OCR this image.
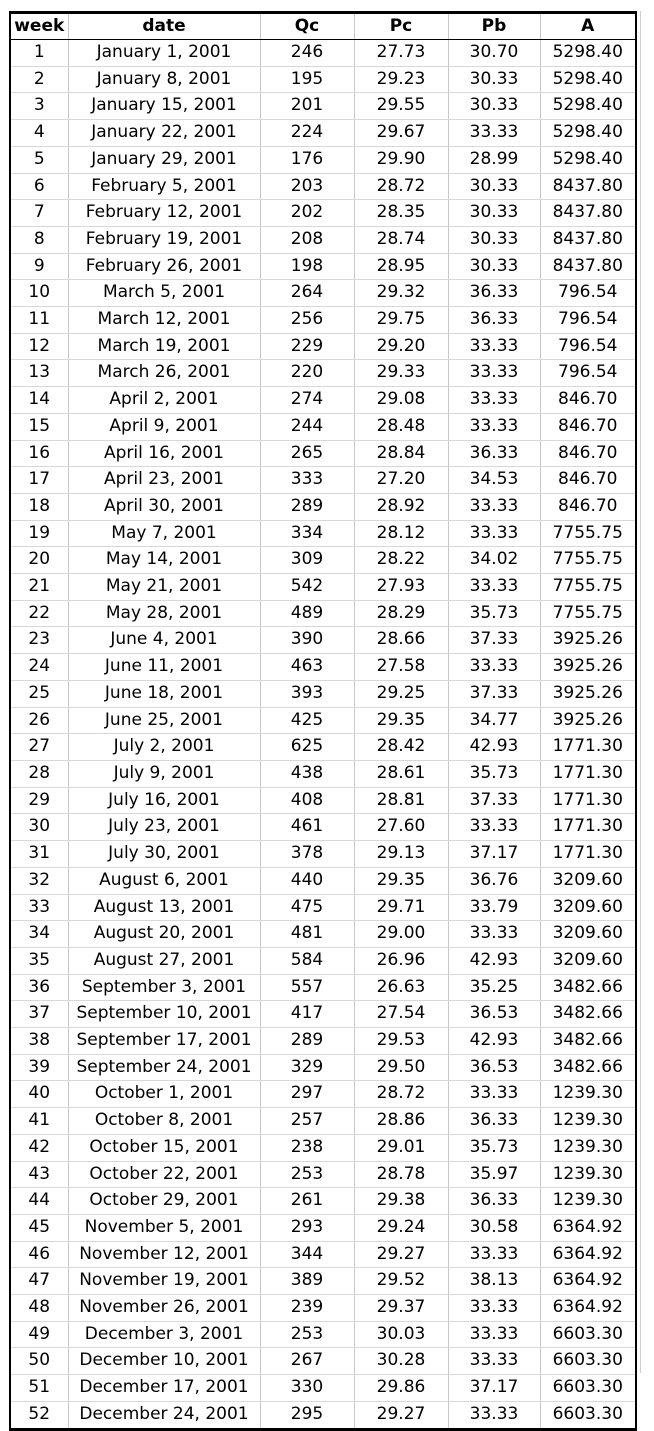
week	date	Qc	Pc	Pb	A
1	January 1, 2001	246	27.73	30.70	5298.40
2	January 8, 2001	195	29.23	30.33	5298.40
3	January 15, 2001	201	29.55	30.33	5298.40
4	January 22, 2001	224	29.67	33.33	5298.40
5	January 29, 2001	176	29.90	28.99	5298.40
6	February 5, 2001	203	28.72	30.33	8437.80
7	February 12, 2001	202	28.35	30.33	8437.80
8	February 19, 2001	208	28.74	30.33	8437.80
9	February 26, 2001	198	28.95	30.33	8437.80
10	March 5, 2001	264	29.32	36.33	796.54
11	March 12, 2001	256	29.75	36.33	796.54
12	March 19, 2001	229	29.20	33.33	796.54
13	March 26, 2001	220	29.33	33.33	796.54
14	April 2, 2001	274	29.08	33.33	846.70
15	April 9, 2001	244	28.48	33.33	846.70
16	April 16, 2001	265	28.84	36.33	846.70
17	April 23, 2001	333	27.20	34.53	846.70
18	April 30, 2001	289	28.92	33.33	846.70
19	May 7, 2001	334	28.12	33.33	7755.75
20	May 14, 2001	309	28.22	34.02	7755.75
21	May 21, 2001	542	27.93	33.33	7755.75
22	May 28, 2001	489	28.29	35.73	7755.75
23	June 4, 2001	390	28.66	37.33	3925.26
24	June 11, 2001	463	27.58	33.33	3925.26
25	June 18, 2001	393	29.25	37.33	3925.26
26	June 25, 2001	425	29.35	34.77	3925.26
27	July 2, 2001	625	28.42	42.93	1771.30
28	July 9, 2001	438	28.61	35.73	1771.30
29	July 16, 2001	408	28.81	37.33	1771.30
30	July 23, 2001	461	27.60	33.33	1771.30
31	July 30, 2001	378	29.13	37.17	1771.30
32	August 6, 2001	440	29.35	36.76	3209.60
33	August 13, 2001	475	29.71	33.79	3209.60
34	August 20, 2001	481	29.00	33.33	3209.60
35	August 27, 2001	584	26.96	42.93	3209.60
36	September 3, 2001	557	26.63	35.25	3482.66
37	September 10, 2001	417	27.54	36.53	3482.66
38	September 17, 2001	289	29.53	42.93	3482.66
39	September 24, 2001	329	29.50	36.53	3482.66
40	October 1, 2001	297	28.72	33.33	1239.30
41	October 8, 2001	257	28.86	36.33	1239.30
42	October 15, 2001	238	29.01	35.73	1239.30
43	October 22, 2001	253	28.78	35.97	1239.30
44	October 29, 2001	261	29.38	36.33	1239.30
45	November 5, 2001	293	29.24	30.58	6364.92
46	November 12, 2001	344	29.27	33.33	6364.92
47	November 19, 2001	389	29.52	38.13	6364.92
48	November 26, 2001	239	29.37	33.33	6364.92
49	December 3, 2001	253	30.03	33.33	6603.30
50	December 10, 2001	267	30.28	33.33	6603.30
51	December 17, 2001	330	29.86	37.17	6603.30
52	December 24, 2001	295	29.27	33.33	6603.30
